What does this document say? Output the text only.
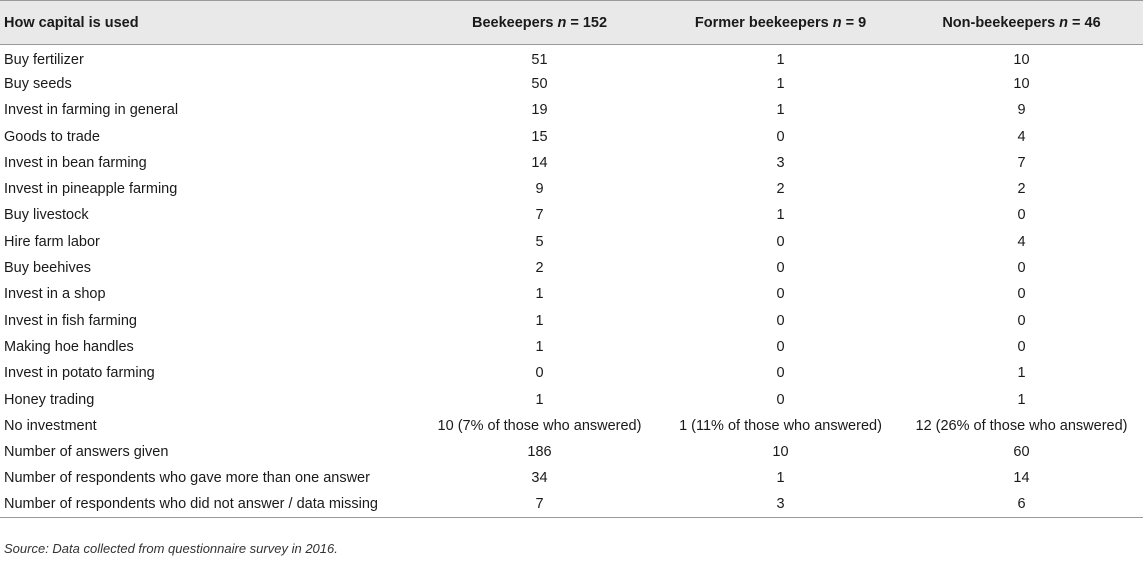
How capital is used	Beekeepers n = 152	Former beekeepers n = 9	Non-beekeepers n = 46
Buy fertilizer	51	1	10
Buy seeds	50	1	10
Invest in farming in general	19	1	9
Goods to trade	15	0	4
Invest in bean farming	14	3	7
Invest in pineapple farming	9	2	2
Buy livestock	7	1	0
Hire farm labor	5	0	4
Buy beehives	2	0	0
Invest in a shop	1	0	0
Invest in fish farming	1	0	0
Making hoe handles	1	0	0
Invest in potato farming	0	0	1
Honey trading	1	0	1
No investment	10 (7% of those who answered)	1 (11% of those who answered)	12 (26% of those who answered)
Number of answers given	186	10	60
Number of respondents who gave more than one answer	34	1	14
Number of respondents who did not answer / data missing	7	3	6
Source: Data collected from questionnaire survey in 2016.
